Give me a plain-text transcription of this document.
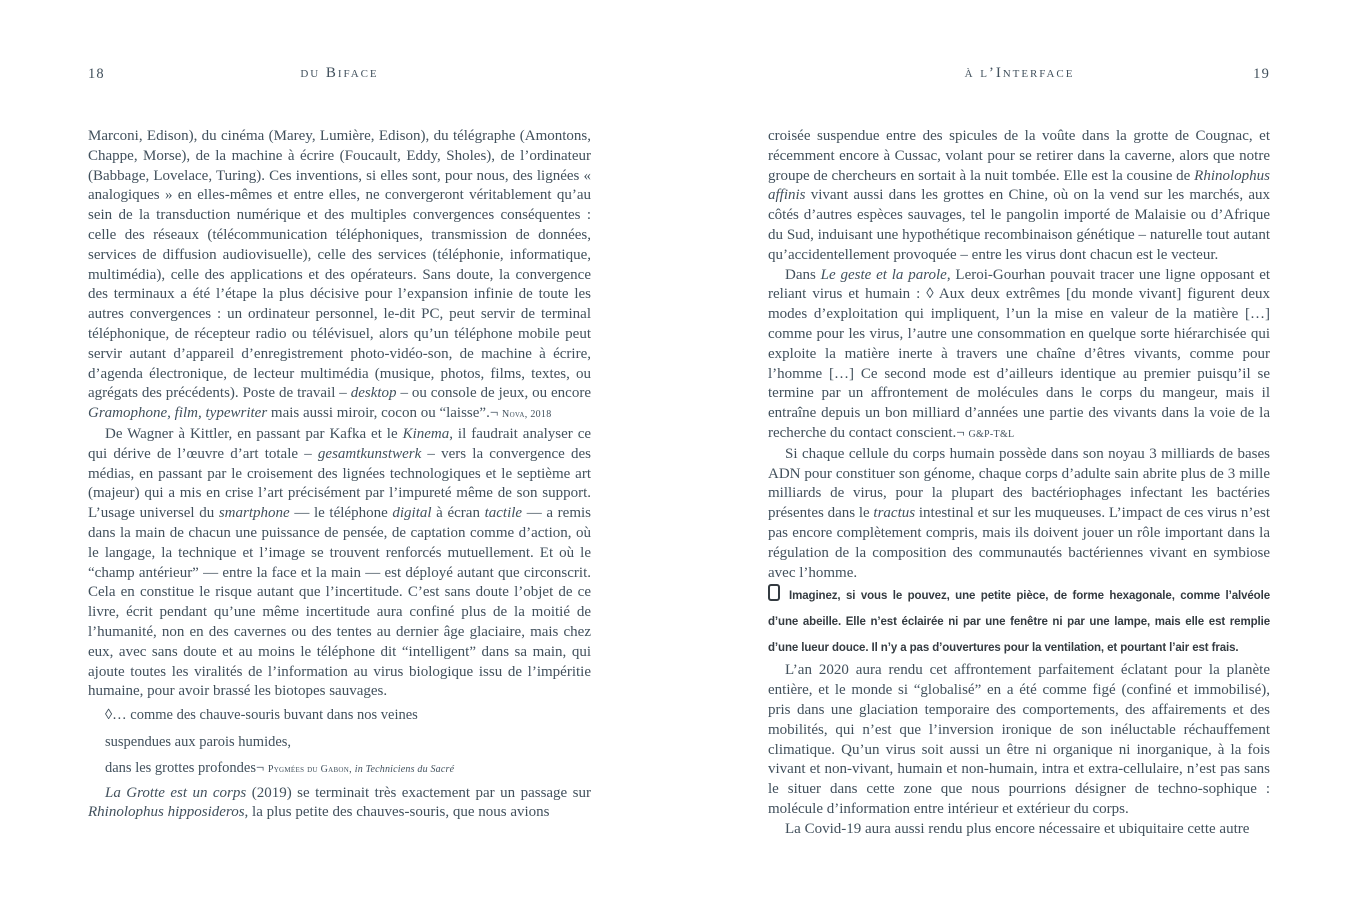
18	du Biface	à l’Interface	19

Marconi, Edison), du cinéma (Marey, Lumière, Edison), du télégraphe (Amontons, Chappe, Morse), de la machine à écrire (Foucault, Eddy, Sholes), de l’ordinateur (Babbage, Lovelace, Turing). Ces inventions, si elles sont, pour nous, des lignées « analogiques » en elles-mêmes et entre elles, ne convergeront véritablement qu’au sein de la transduction numérique et des multiples convergences conséquentes : celle des réseaux (télécommunication téléphoniques, transmission de données, services de diffusion audiovisuelle), celle des services (téléphonie, informatique, multimédia), celle des applications et des opérateurs. Sans doute, la convergence des terminaux a été l’étape la plus décisive pour l’expansion infinie de toute les autres convergences : un ordinateur personnel, le-dit PC, peut servir de terminal téléphonique, de récepteur radio ou télévisuel, alors qu’un téléphone mobile peut servir autant d’appareil d’enregistrement photo-vidéo-son, de machine à écrire, d’agenda électronique, de lecteur multimédia (musique, photos, films, textes, ou agrégats des précédents). Poste de travail – desktop – ou console de jeux, ou encore Gramophone, film, typewriter mais aussi miroir, cocon ou “laisse”.¬ Nova, 2018

De Wagner à Kittler, en passant par Kafka et le Kinema, il faudrait analyser ce qui dérive de l’œuvre d’art totale – gesamtkunstwerk – vers la convergence des médias, en passant par le croisement des lignées technologiques et le septième art (majeur) qui a mis en crise l’art précisément par l’impureté même de son support. L’usage universel du smartphone — le téléphone digital à écran tactile — a remis dans la main de chacun une puissance de pensée, de captation comme d’action, où le langage, la technique et l’image se trouvent renforcés mutuellement. Et où le “champ antérieur” — entre la face et la main — est déployé autant que circonscrit. Cela en constitue le risque autant que l’incertitude. C’est sans doute l’objet de ce livre, écrit pendant qu’une même incertitude aura confiné plus de la moitié de l’humanité, non en des cavernes ou des tentes au dernier âge glaciaire, mais chez eux, avec sans doute et au moins le téléphone dit “intelligent” dans sa main, qui ajoute toutes les viralités de l’information au virus biologique issu de l’impéritie humaine, pour avoir brassé les biotopes sauvages.

◊… comme des chauve-souris buvant dans nos veines

suspendues aux parois humides,

dans les grottes profondes¬ Pygmées du Gabon, in Techniciens du Sacré

La Grotte est un corps (2019) se terminait très exactement par un passage sur Rhinolophus hipposideros, la plus petite des chauves-souris, que nous avions

croisée suspendue entre des spicules de la voûte dans la grotte de Cougnac, et récemment encore à Cussac, volant pour se retirer dans la caverne, alors que notre groupe de chercheurs en sortait à la nuit tombée. Elle est la cousine de Rhinolophus affinis vivant aussi dans les grottes en Chine, où on la vend sur les marchés, aux côtés d’autres espèces sauvages, tel le pangolin importé de Malaisie ou d’Afrique du Sud, induisant une hypothétique recombinaison génétique – naturelle tout autant qu’accidentellement provoquée – entre les virus dont chacun est le vecteur.

Dans Le geste et la parole, Leroi-Gourhan pouvait tracer une ligne opposant et reliant virus et humain : ◊ Aux deux extrêmes [du monde vivant] figurent deux modes d’exploitation qui impliquent, l’un la mise en valeur de la matière […] comme pour les virus, l’autre une consommation en quelque sorte hiérarchisée qui exploite la matière inerte à travers une chaîne d’êtres vivants, comme pour l’homme […] Ce second mode est d’ailleurs identique au premier puisqu’il se termine par un affrontement de molécules dans le corps du mangeur, mais il entraîne depuis un bon milliard d’années une partie des vivants dans la voie de la recherche du contact conscient.¬ G&P-T&L

Si chaque cellule du corps humain possède dans son noyau 3 milliards de bases ADN pour constituer son génome, chaque corps d’adulte sain abrite plus de 3 mille milliards de virus, pour la plupart des bactériophages infectant les bactéries présentes dans le tractus intestinal et sur les muqueuses. L’impact de ces virus n’est pas encore complètement compris, mais ils doivent jouer un rôle important dans la régulation de la composition des communautés bactériennes vivant en symbiose avec l’homme.

Imaginez, si vous le pouvez, une petite pièce, de forme hexagonale, comme l’alvéole d’une abeille. Elle n’est éclairée ni par une fenêtre ni par une lampe, mais elle est remplie d’une lueur douce. Il n’y a pas d’ouvertures pour la ventilation, et pourtant l’air est frais.

L’an 2020 aura rendu cet affrontement parfaitement éclatant pour la planète entière, et le monde si “globalisé” en a été comme figé (confiné et immobilisé), pris dans une glaciation temporaire des comportements, des affairements et des mobilités, qui n’est que l’inversion ironique de son inéluctable réchauffement climatique. Qu’un virus soit aussi un être ni organique ni inorganique, à la fois vivant et non-vivant, humain et non-humain, intra et extra-cellulaire, n’est pas sans le situer dans cette zone que nous pourrions désigner de techno-sophique : molécule d’information entre intérieur et extérieur du corps.

La Covid-19 aura aussi rendu plus encore nécessaire et ubiquitaire cette autre
